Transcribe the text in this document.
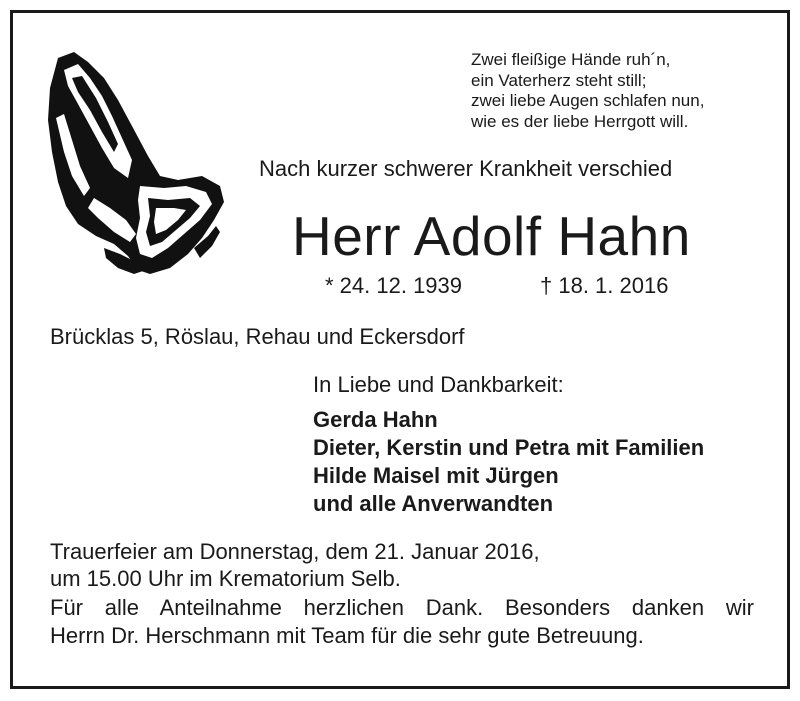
Zwei fleißige Hände ruh´n,
ein Vaterherz steht still;
zwei liebe Augen schlafen nun,
wie es der liebe Herrgott will.
Nach kurzer schwerer Krankheit verschied
Herr Adolf Hahn
* 24. 12. 1939	† 18. 1. 2016
Brücklas 5, Röslau, Rehau und Eckersdorf
In Liebe und Dankbarkeit:
Gerda Hahn
Dieter, Kerstin und Petra mit Familien
Hilde Maisel mit Jürgen
und alle Anverwandten
Trauerfeier am Donnerstag, dem 21. Januar 2016,
um 15.00 Uhr im Krematorium Selb.
Für alle Anteilnahme herzlichen Dank. Besonders danken wir
Herrn Dr. Herschmann mit Team für die sehr gute Betreuung.
